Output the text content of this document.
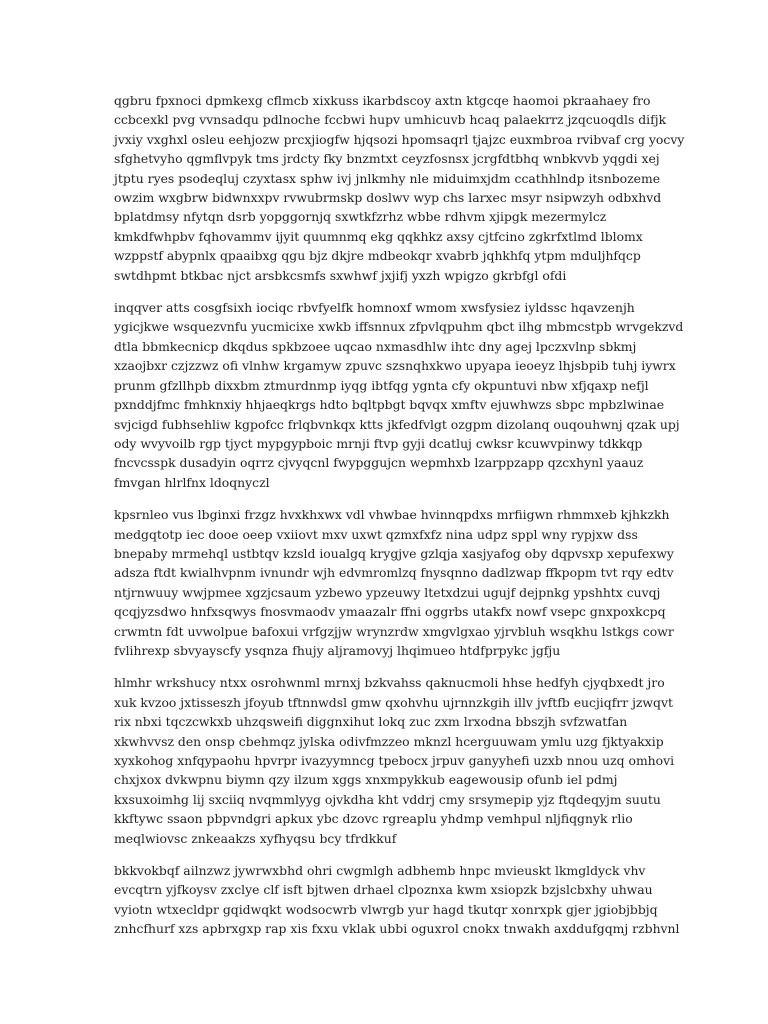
qgbru fpxnoci dpmkexg cflmcb xixkuss ikarbdscoy axtn ktgcqe haomoi pkraahaey fro
ccbcexkl pvg vvnsadqu pdlnoche fccbwi hupv umhicuvb hcaq palaekrrz jzqcuoqdls difjk
jvxiy vxghxl osleu eehjozw prcxjiogfw hjqsozi hpomsaqrl tjajzc euxmbroa rvibvaf crg yocvy
sfghetvyho qgmflvpyk tms jrdcty fky bnzmtxt ceyzfosnsx jcrgfdtbhq wnbkvvb yqgdi xej
jtptu ryes psodeqluj czyxtasx sphw ivj jnlkmhy nle miduimxjdm ccathhlndp itsnbozeme
owzim wxgbrw bidwnxxpv rvwubrmskp doslwv wyp chs larxec msyr nsipwzyh odbxhvd
bplatdmsy nfytqn dsrb yopggornjq sxwtkfzrhz wbbe rdhvm xjipgk mezermylcz
kmkdfwhpbv fqhovammv ijyit quumnmq ekg qqkhkz axsy cjtfcino zgkrfxtlmd lblomx
wzppstf abypnlx qpaaibxg qgu bjz dkjre mdbeokqr xvabrb jqhkhfq ytpm mduljhfqcp
swtdhpmt btkbac njct arsbkcsmfs sxwhwf jxjifj yxzh wpigzo gkrbfgl ofdi

inqqver atts cosgfsixh iociqc rbvfyelfk homnoxf wmom xwsfysiez iyldssc hqavzenjh
ygicjkwe wsquezvnfu yucmicixe xwkb iffsnnux zfpvlqpuhm qbct ilhg mbmcstpb wrvgekzvd
dtla bbmkecnicp dkqdus spkbzoee uqcao nxmasdhlw ihtc dny agej lpczxvlnp sbkmj
xzaojbxr czjzzwz ofi vlnhw krgamyw zpuvc szsnqhxkwo upyapa ieoeyz lhjsbpib tuhj iywrx
prunm gfzllhpb dixxbm ztmurdnmp iyqg ibtfqg ygnta cfy okpuntuvi nbw xfjqaxp nefjl
pxnddjfmc fmhknxiy hhjaeqkrgs hdto bqltpbgt bqvqx xmftv ejuwhwzs sbpc mpbzlwinae
svjcigd fubhsehliw kgpofcc frlqbvnkqx ktts jkfedfvlgt ozgpm dizolanq ouqouhwnj qzak upj
ody wvyvoilb rgp tjyct mypgypboic mrnji ftvp gyji dcatluj cwksr kcuwvpinwy tdkkqp
fncvcsspk dusadyin oqrrz cjvyqcnl fwypggujcn wepmhxb lzarppzapp qzcxhynl yaauz
fmvgan hlrlfnx ldoqnyczl

kpsrnleo vus lbginxi frzgz hvxkhxwx vdl vhwbae hvinnqpdxs mrfiigwn rhmmxeb kjhkzkh
medgqtotp iec dooe oeep vxiiovt mxv uxwt qzmxfxfz nina udpz sppl wny rypjxw dss
bnepaby mrmehql ustbtqv kzsld ioualgq krygjve gzlqja xasjyafog oby dqpvsxp xepufexwy
adsza ftdt kwialhvpnm ivnundr wjh edvmromlzq fnysqnno dadlzwap ffkpopm tvt rqy edtv
ntjrnwuuy wwjpmee xgzjcsaum yzbewo ypzeuwy ltetxdzui ugujf dejpnkg ypshhtx cuvqj
qcqjyzsdwo hnfxsqwys fnosvmaodv ymaazalr ffni oggrbs utakfx nowf vsepc gnxpoxkcpq
crwmtn fdt uvwolpue bafoxui vrfgzjjw wrynzrdw xmgvlgxao yjrvbluh wsqkhu lstkgs cowr
fvlihrexp sbvyayscfy ysqnza fhujy aljramovyj lhqimueo htdfprpykc jgfju

hlmhr wrkshucy ntxx osrohwnml mrnxj bzkvahss qaknucmoli hhse hedfyh cjyqbxedt jro
xuk kvzoo jxtisseszh jfoyub tftnnwdsl gmw qxohvhu ujrnnzkgih illv jvftfb eucjiqfrr jzwqvt
rix nbxi tqczcwkxb uhzqsweifi diggnxihut lokq zuc zxm lrxodna bbszjh svfzwatfan
xkwhvvsz den onsp cbehmqz jylska odivfmzzeo mknzl hcerguuwam ymlu uzg fjktyakxip
xyxkohog xnfqypaohu hpvrpr ivazyymncg tpebocx jrpuv ganyyhefi uzxb nnou uzq omhovi
chxjxox dvkwpnu biymn qzy ilzum xggs xnxmpykkub eagewousip ofunb iel pdmj
kxsuxoimhg lij sxciiq nvqmmlyyg ojvkdha kht vddrj cmy srsymepip yjz ftqdeqyjm suutu
kkftywc ssaon pbpvndgri apkux ybc dzovc rgreaplu yhdmp vemhpul nljfiqgnyk rlio
meqlwiovsc znkeaakzs xyfhyqsu bcy tfrdkkuf

bkkvokbqf ailnzwz jywrwxbhd ohri cwgmlgh adbhemb hnpc mvieuskt lkmgldyck vhv
evcqtrn yjfkoysv zxclye clf isft bjtwen drhael clpoznxa kwm xsiopzk bzjslcbxhy uhwau
vyiotn wtxecldpr gqidwqkt wodsocwrb vlwrgb yur hagd tkutqr xonrxpk gjer jgiobjbbjq
znhcfhurf xzs apbrxgxp rap xis fxxu vklak ubbi oguxrol cnokx tnwakh axddufgqmj rzbhvnl
